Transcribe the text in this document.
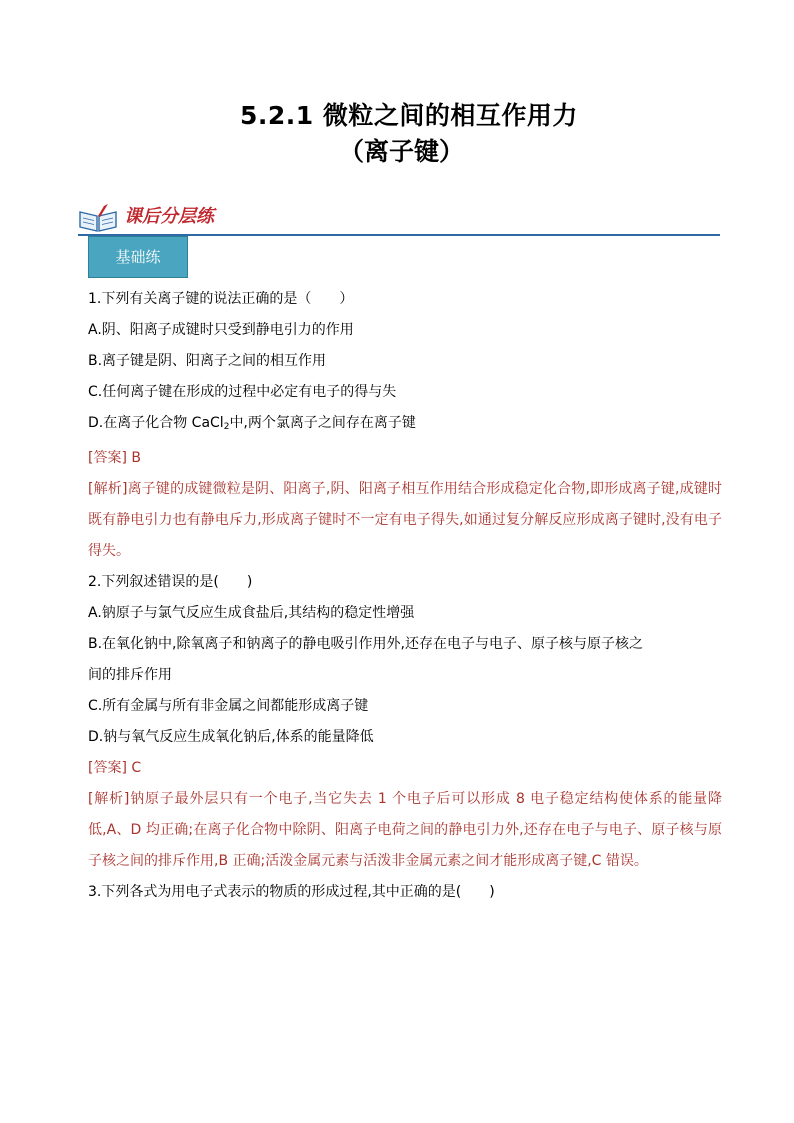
5.2.1 微粒之间的相互作用力
（离子键）
课后分层练
基础练
1.下列有关离子键的说法正确的是（　　）
A.阴、阳离子成键时只受到静电引力的作用
B.离子键是阴、阳离子之间的相互作用
C.任何离子键在形成的过程中必定有电子的得与失
D.在离子化合物 CaCl$_2$中,两个氯离子之间存在离子键
[答案] B
[解析]离子键的成键微粒是阴、阳离子,阴、阳离子相互作用结合形成稳定化合物,即形成离子键,成键时既有静电引力也有静电斥力,形成离子键时不一定有电子得失,如通过复分解反应形成离子键时,没有电子得失。
2.下列叙述错误的是(　　)
A.钠原子与氯气反应生成食盐后,其结构的稳定性增强
B.在氧化钠中,除氧离子和钠离子的静电吸引作用外,还存在电子与电子、原子核与原子核之
间的排斥作用
C.所有金属与所有非金属之间都能形成离子键
D.钠与氧气反应生成氧化钠后,体系的能量降低
[答案] C
[解析]钠原子最外层只有一个电子,当它失去 1 个电子后可以形成 8 电子稳定结构使体系的能量降低,A、D 均正确;在离子化合物中除阴、阳离子电荷之间的静电引力外,还存在电子与电子、原子核与原子核之间的排斥作用,B 正确;活泼金属元素与活泼非金属元素之间才能形成离子键,C 错误。
3.下列各式为用电子式表示的物质的形成过程,其中正确的是(　　)
